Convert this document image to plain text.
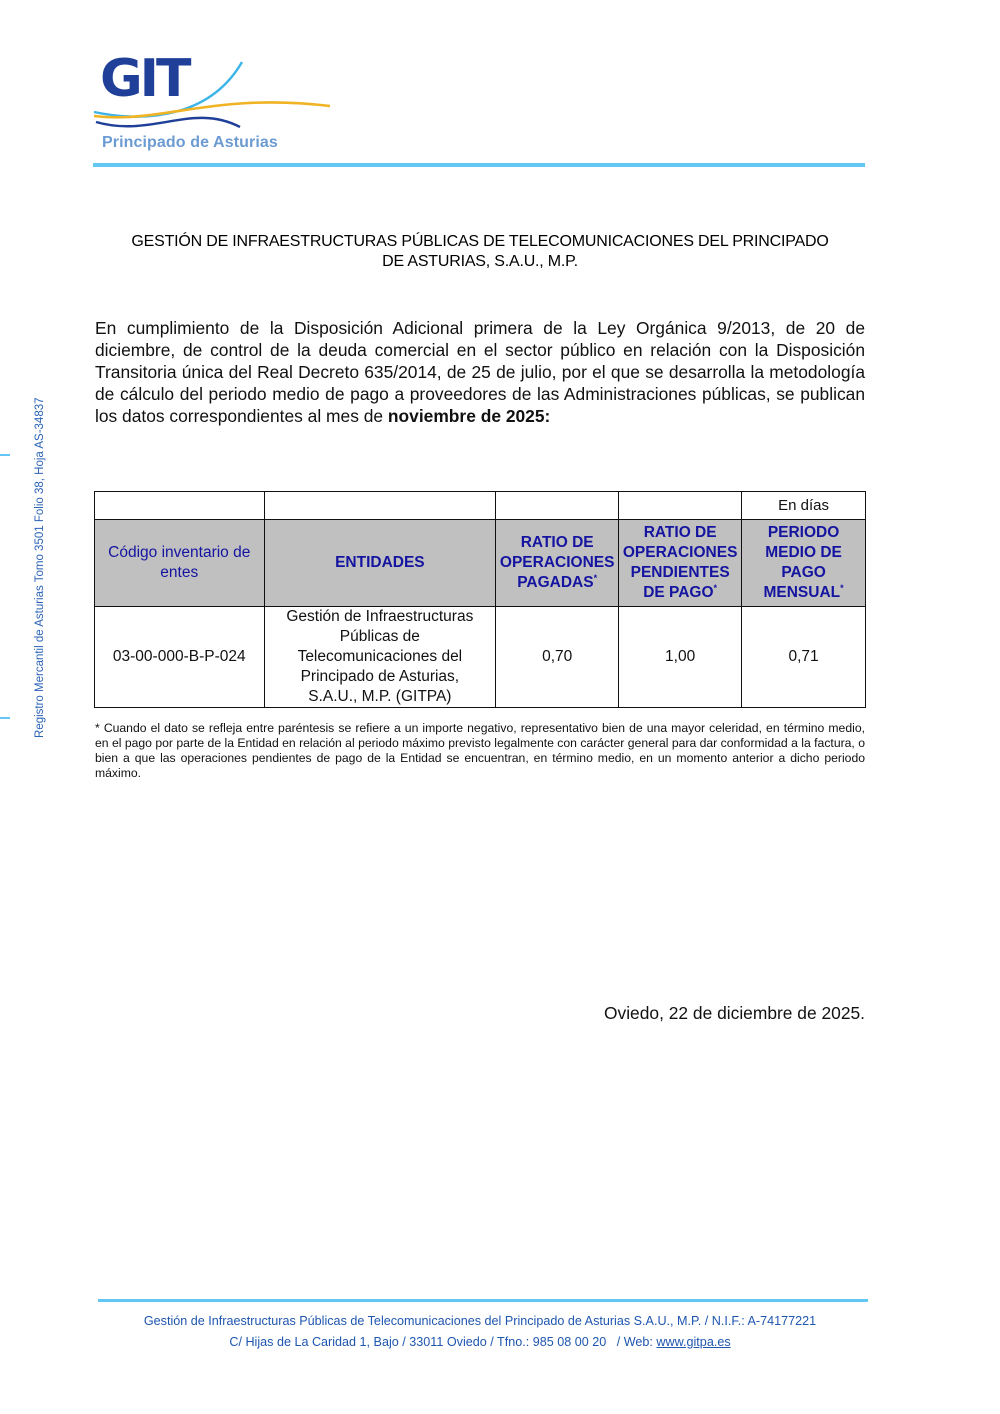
GIT
Principado de Asturias
Registro Mercantil de Asturias Tomo 3501 Folio 38, Hoja AS-34837
GESTIÓN DE INFRAESTRUCTURAS PÚBLICAS DE TELECOMUNICACIONES DEL PRINCIPADO
DE ASTURIAS, S.A.U., M.P.
En cumplimiento de la Disposición Adicional primera de la Ley Orgánica 9/2013, de 20 de diciembre, de control de la deuda comercial en el sector público en relación con la Disposición Transitoria única del Real Decreto 635/2014, de 25 de julio, por el que se desarrolla la metodología de cálculo del periodo medio de pago a proveedores de las Administraciones públicas, se publican los datos correspondientes al mes de noviembre de 2025:
				En días
Código inventario de entes	ENTIDADES	RATIO DE OPERACIONES PAGADAS*	RATIO DE OPERACIONES PENDIENTES DE PAGO*	PERIODO MEDIO DE PAGO MENSUAL*
03-00-000-B-P-024	Gestión de Infraestructuras Públicas de Telecomunicaciones del Principado de Asturias, S.A.U., M.P. (GITPA)	0,70	1,00	0,71
* Cuando el dato se refleja entre paréntesis se refiere a un importe negativo, representativo bien de una mayor celeridad, en término medio, en el pago por parte de la Entidad en relación al periodo máximo previsto legalmente con carácter general para dar conformidad a la factura, o bien a que las operaciones pendientes de pago de la Entidad se encuentran, en término medio, en un momento anterior a dicho periodo máximo.
Oviedo, 22 de diciembre de 2025.
Gestión de Infraestructuras Públicas de Telecomunicaciones del Principado de Asturias S.A.U., M.P. / N.I.F.: A-74177221
C/ Hijas de La Caridad 1, Bajo / 33011 Oviedo / Tfno.: 985 08 00 20   / Web: www.gitpa.es
